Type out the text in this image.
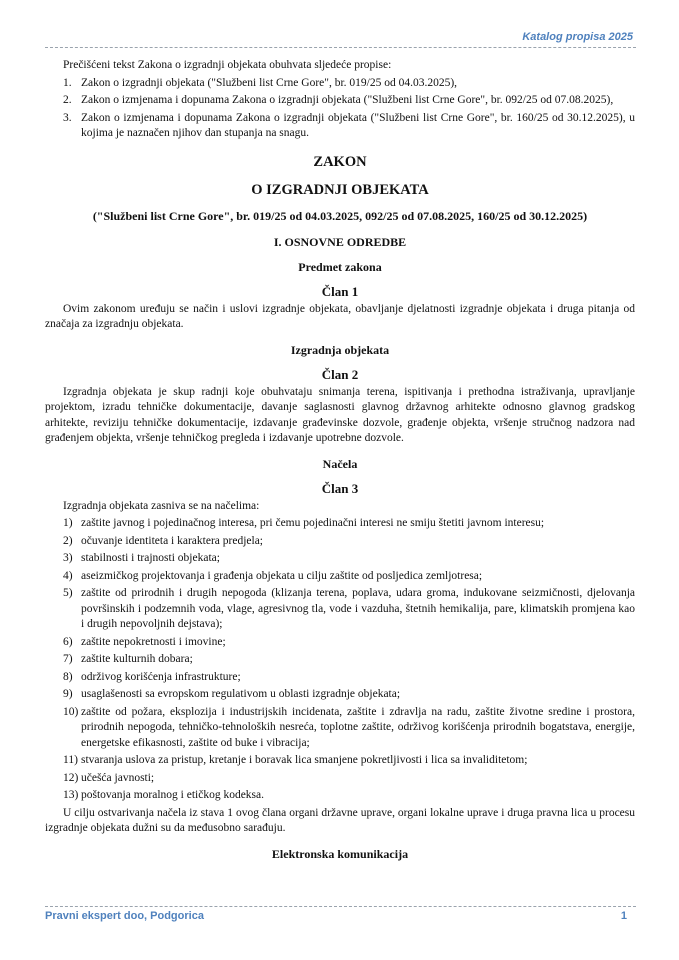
Katalog propisa 2025

Prečišćeni tekst Zakona o izgradnji objekata obuhvata sljedeće propise:

1. Zakon o izgradnji objekata ("Službeni list Crne Gore", br. 019/25 od 04.03.2025),
2. Zakon o izmjenama i dopunama Zakona o izgradnji objekata ("Službeni list Crne Gore", br. 092/25 od 07.08.2025),
3. Zakon o izmjenama i dopunama Zakona o izgradnji objekata ("Službeni list Crne Gore", br. 160/25 od 30.12.2025), u kojima je naznačen njihov dan stupanja na snagu.
ZAKON
O IZGRADNJI OBJEKATA
("Službeni list Crne Gore", br. 019/25 od 04.03.2025, 092/25 od 07.08.2025, 160/25 od 30.12.2025)
I. OSNOVNE ODREDBE
Predmet zakona
Član 1

Ovim zakonom uređuju se način i uslovi izgradnje objekata, obavljanje djelatnosti izgradnje objekata i druga pitanja od značaja za izgradnju objekata.

Izgradnja objekata
Član 2

Izgradnja objekata je skup radnji koje obuhvataju snimanja terena, ispitivanja i prethodna istraživanja, upravljanje projektom, izradu tehničke dokumentacije, davanje saglasnosti glavnog državnog arhitekte odnosno glavnog gradskog arhitekte, reviziju tehničke dokumentacije, izdavanje građevinske dozvole, građenje objekta, vršenje stručnog nadzora nad građenjem objekta, vršenje tehničkog pregleda i izdavanje upotrebne dozvole.

Načela
Član 3

Izgradnja objekata zasniva se na načelima:

1) zaštite javnog i pojedinačnog interesa, pri čemu pojedinačni interesi ne smiju štetiti javnom interesu;
2) očuvanje identiteta i karaktera predjela;
3) stabilnosti i trajnosti objekata;
4) aseizmičkog projektovanja i građenja objekata u cilju zaštite od posljedica zemljotresa;
5) zaštite od prirodnih i drugih nepogoda (klizanja terena, poplava, udara groma, indukovane seizmičnosti, djelovanja površinskih i podzemnih voda, vlage, agresivnog tla, vode i vazduha, štetnih hemikalija, pare, klimatskih promjena kao i drugih nepovoljnih dejstava);
6) zaštite nepokretnosti i imovine;
7) zaštite kulturnih dobara;
8) održivog korišćenja infrastrukture;
9) usaglašenosti sa evropskom regulativom u oblasti izgradnje objekata;
10) zaštite od požara, eksplozija i industrijskih incidenata, zaštite i zdravlja na radu, zaštite životne sredine i prostora, prirodnih nepogoda, tehničko-tehnoloških nesreća, toplotne zaštite, održivog korišćenja prirodnih bogatstava, energije, energetske efikasnosti, zaštite od buke i vibracija;
11) stvaranja uslova za pristup, kretanje i boravak lica smanjene pokretljivosti i lica sa invaliditetom;
12) učešća javnosti;
13) poštovanja moralnog i etičkog kodeksa.

U cilju ostvarivanja načela iz stava 1 ovog člana organi državne uprave, organi lokalne uprave i druga pravna lica u procesu izgradnje objekata dužni su da međusobno sarađuju.

Elektronska komunikacija
Pravni ekspert doo, Podgorica	1
